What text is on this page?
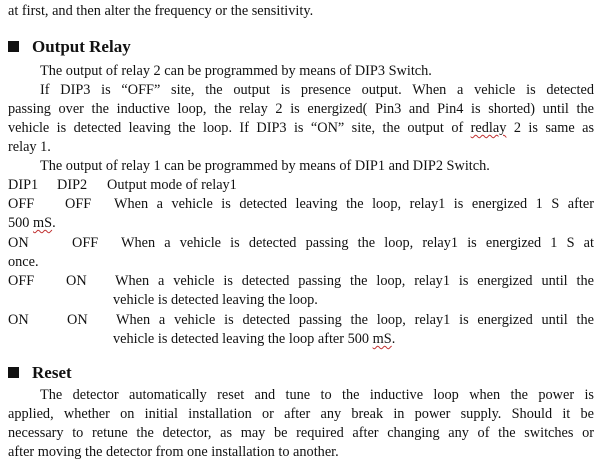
at first, and then alter the frequency or the sensitivity.
Output Relay
The output of relay 2 can be programmed by means of DIP3 Switch.
If DIP3 is “OFF” site, the output is presence output. When a vehicle is detected
passing over the inductive loop, the relay 2 is energized( Pin3 and Pin4 is shorted) until the
vehicle is detected leaving the loop. If DIP3 is “ON” site, the output of redlay 2 is same as
relay 1.
The output of relay 1 can be programmed by means of DIP1 and DIP2 Switch.
DIP1 DIP2 Output mode of relay1
OFF OFF When a vehicle is detected leaving the loop, relay1 is energized 1 S after
500 mS.
ON	OFF When a vehicle is detected passing the loop, relay1 is energized 1 S at
once.
OFF ON When a vehicle is detected passing the loop, relay1 is energized until the
vehicle is detected leaving the loop.
ON	ON When a vehicle is detected passing the loop, relay1 is energized until the
vehicle is detected leaving the loop after 500 mS.
Reset
The detector automatically reset and tune to the inductive loop when the power is
applied, whether on initial installation or after any break in power supply. Should it be
necessary to retune the detector, as may be required after changing any of the switches or
after moving the detector from one installation to another.
